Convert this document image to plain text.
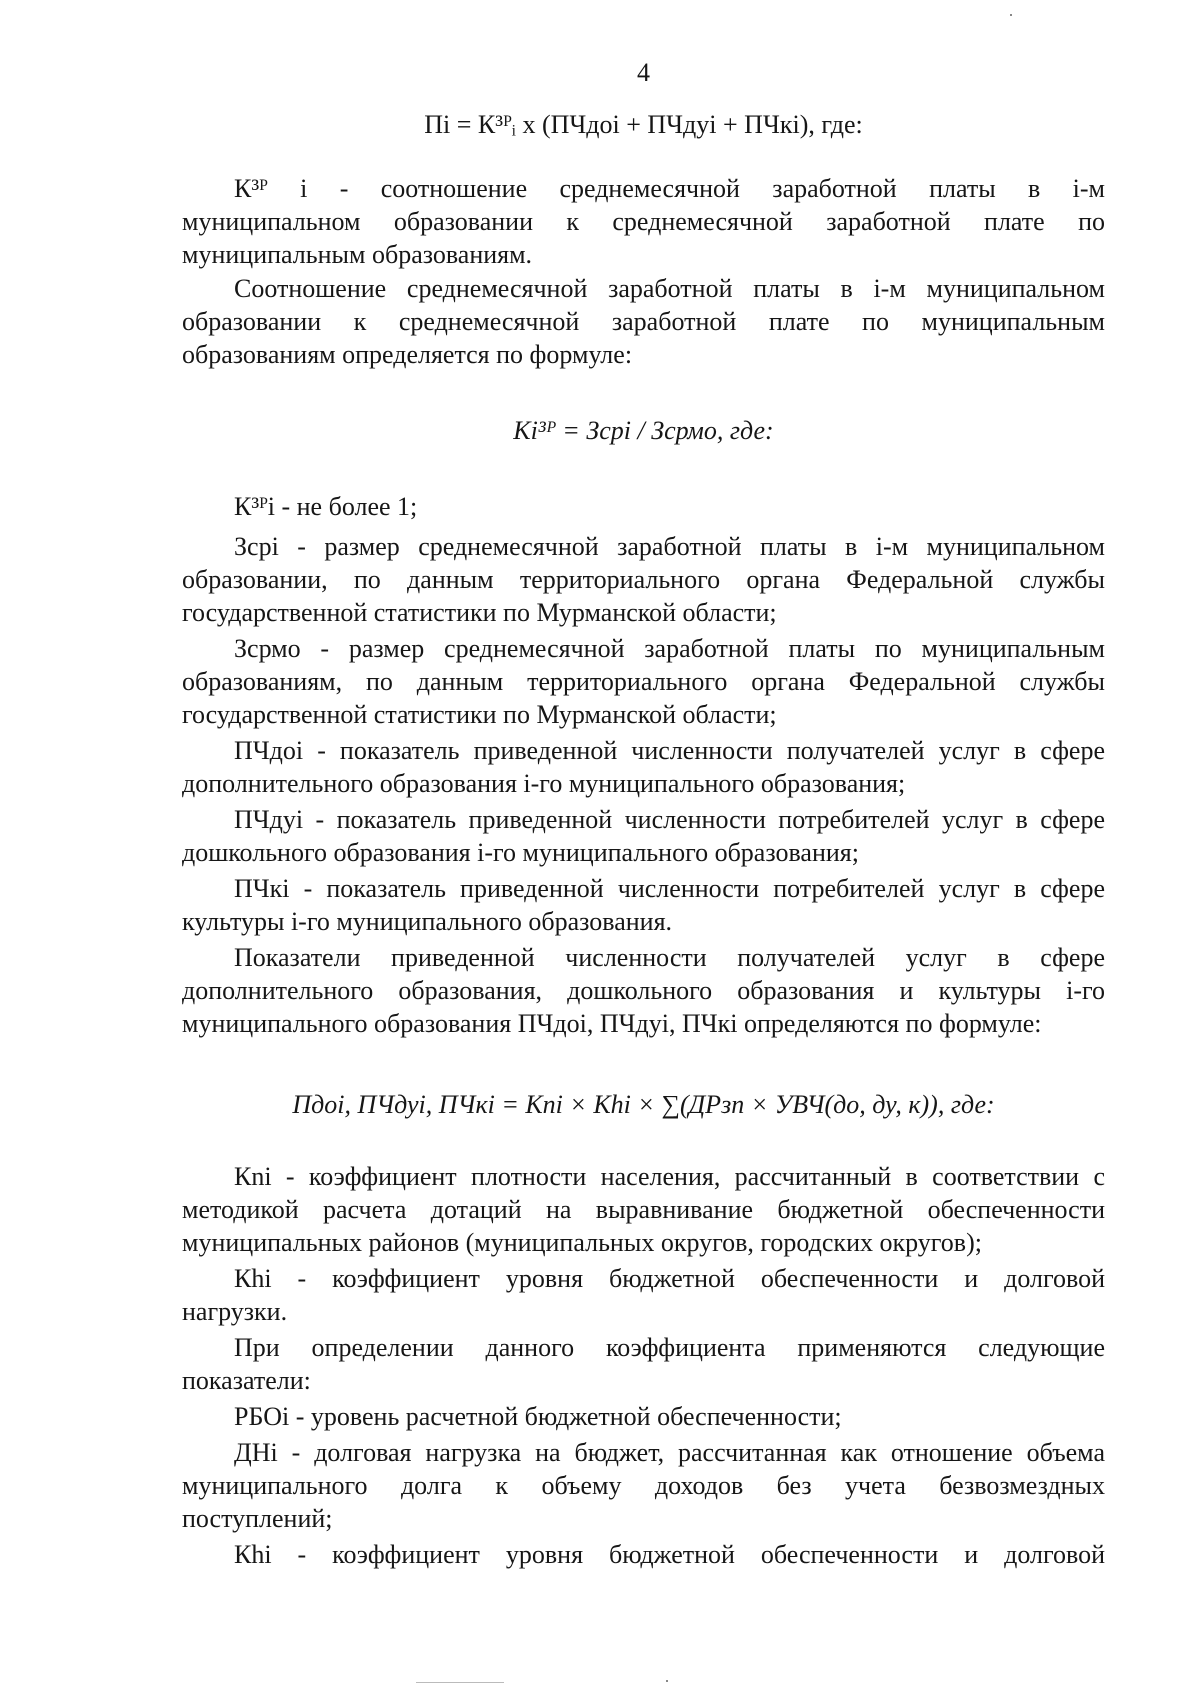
4
Пi = К³ᴾᵢ x (ПЧдоi + ПЧдуi + ПЧкi), где:
К³ᴾ i - соотношение среднемесячной заработной платы в i-м
муниципальном образовании к среднемесячной заработной плате по
муниципальным образованиям.
Соотношение среднемесячной заработной платы в i-м муниципальном
образовании к среднемесячной заработной плате по муниципальным
образованиям определяется по формуле:
Ki³ᴾ = Зсрi / Зсрмо, где:
К³ᴾi - не более 1;
Зсрi - размер среднемесячной заработной платы в i-м муниципальном
образовании, по данным территориального органа Федеральной службы
государственной статистики по Мурманской области;
Зсрмо - размер среднемесячной заработной платы по муниципальным
образованиям, по данным территориального органа Федеральной службы
государственной статистики по Мурманской области;
ПЧдоi - показатель приведенной численности получателей услуг в сфере
дополнительного образования i-го муниципального образования;
ПЧдуi - показатель приведенной численности потребителей услуг в сфере
дошкольного образования i-го муниципального образования;
ПЧкi - показатель приведенной численности потребителей услуг в сфере
культуры i-го муниципального образования.
Показатели приведенной численности получателей услуг в сфере
дополнительного образования, дошкольного образования и культуры i-го
муниципального образования ПЧдоi, ПЧдуi, ПЧкi определяются по формуле:
Пдоi, ПЧдуi, ПЧкi = Кпi × Кhi × ∑(ДРзп × УВЧ(до, ду, к)), где:
Кni - коэффициент плотности населения, рассчитанный в соответствии с
методикой расчета дотаций на выравнивание бюджетной обеспеченности
муниципальных районов (муниципальных округов, городских округов);
Кhi - коэффициент уровня бюджетной обеспеченности и долговой
нагрузки.
При определении данного коэффициента применяются следующие
показатели:
РБОi - уровень расчетной бюджетной обеспеченности;
ДНi - долговая нагрузка на бюджет, рассчитанная как отношение объема
муниципального долга к объему доходов без учета безвозмездных
поступлений;
Кhi - коэффициент уровня бюджетной обеспеченности и долговой
